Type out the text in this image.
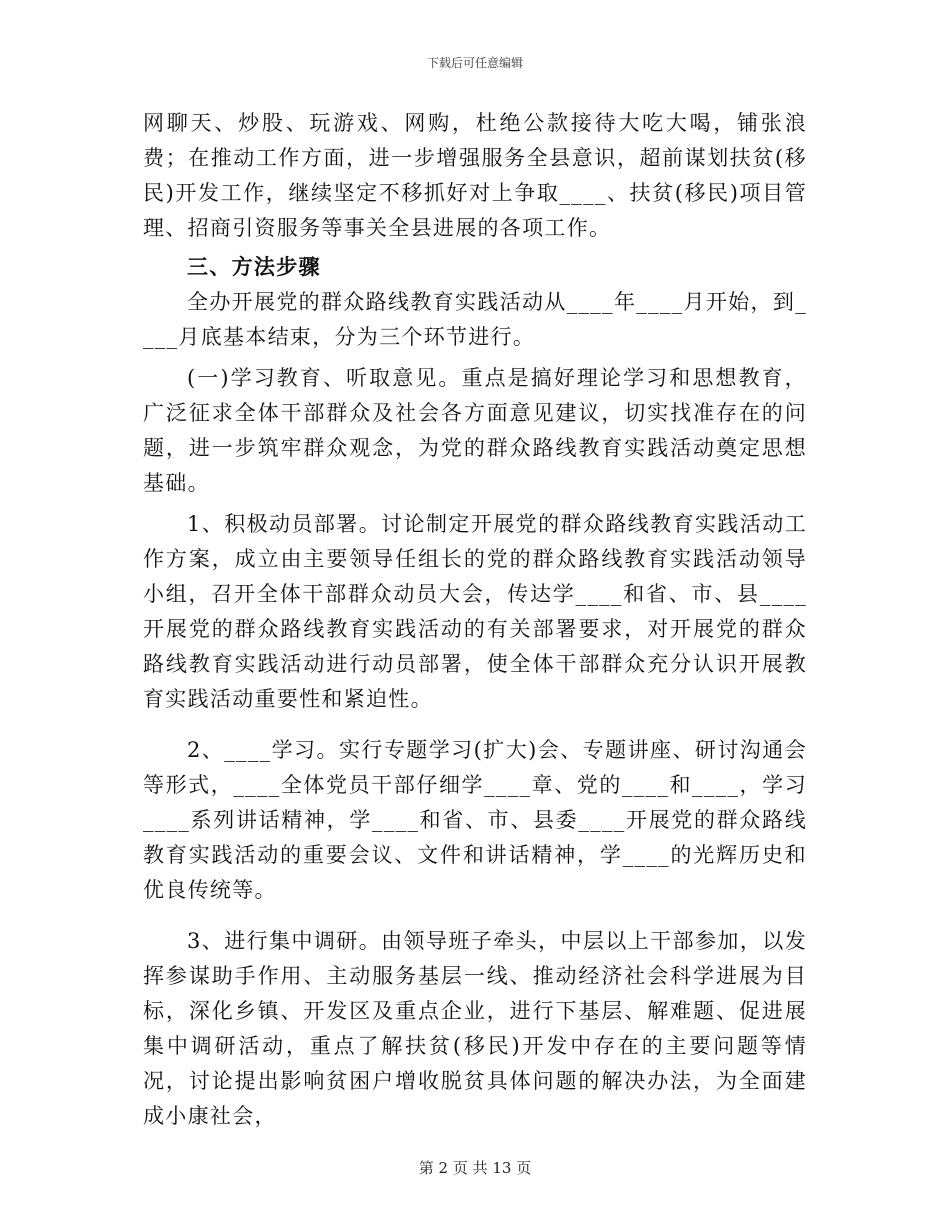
下载后可任意编辑

网聊天、炒股、玩游戏、网购，杜绝公款接待大吃大喝，铺张浪费；在推动工作方面，进一步增强服务全县意识，超前谋划扶贫(移民)开发工作，继续坚定不移抓好对上争取____、扶贫(移民)项目管理、招商引资服务等事关全县进展的各项工作。

三、方法步骤

全办开展党的群众路线教育实践活动从____年____月开始，到____月底基本结束，分为三个环节进行。

(一)学习教育、听取意见。重点是搞好理论学习和思想教育，广泛征求全体干部群众及社会各方面意见建议，切实找准存在的问题，进一步筑牢群众观念，为党的群众路线教育实践活动奠定思想基础。

1、积极动员部署。讨论制定开展党的群众路线教育实践活动工作方案，成立由主要领导任组长的党的群众路线教育实践活动领导小组，召开全体干部群众动员大会，传达学____和省、市、县____开展党的群众路线教育实践活动的有关部署要求，对开展党的群众路线教育实践活动进行动员部署，使全体干部群众充分认识开展教育实践活动重要性和紧迫性。

2、____学习。实行专题学习(扩大)会、专题讲座、研讨沟通会等形式，____全体党员干部仔细学____章、党的____和____，学习____系列讲话精神，学____和省、市、县委____开展党的群众路线教育实践活动的重要会议、文件和讲话精神，学____的光辉历史和优良传统等。

3、进行集中调研。由领导班子牵头，中层以上干部参加，以发挥参谋助手作用、主动服务基层一线、推动经济社会科学进展为目标，深化乡镇、开发区及重点企业，进行下基层、解难题、促进展集中调研活动，重点了解扶贫(移民)开发中存在的主要问题等情况，讨论提出影响贫困户增收脱贫具体问题的解决办法，为全面建成小康社会，

第 2 页 共 13 页
